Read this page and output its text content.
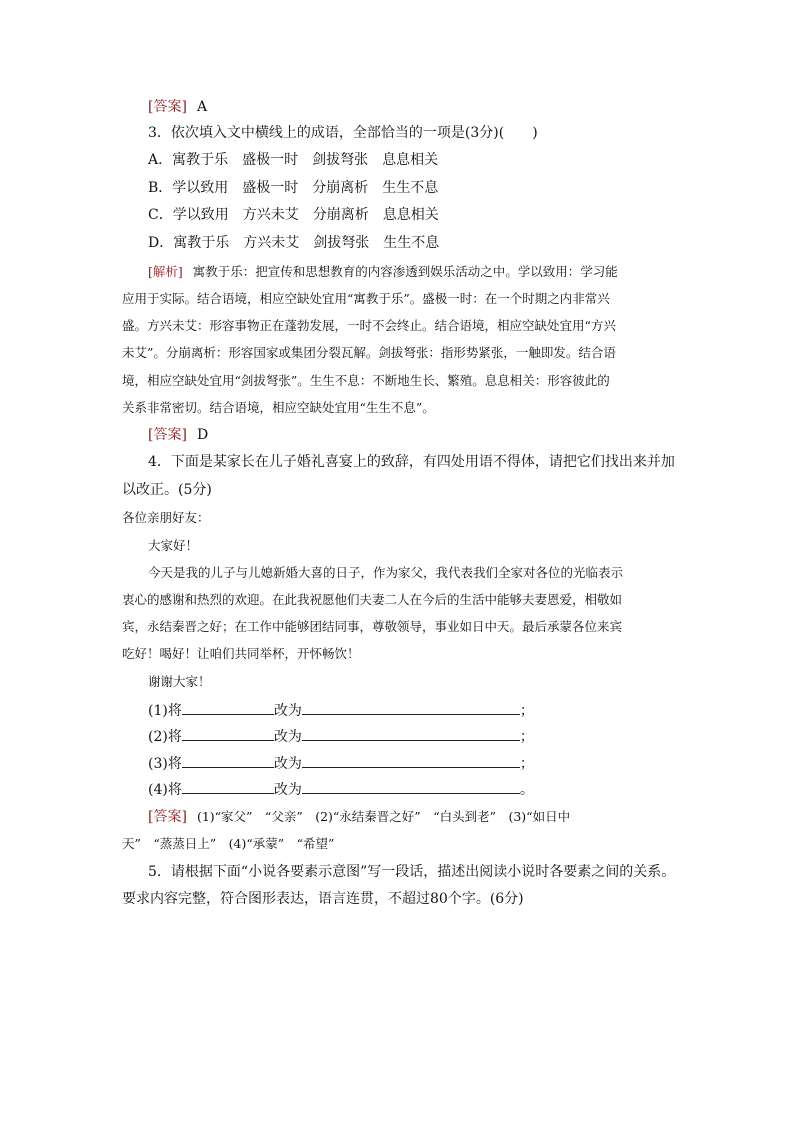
[答案] A
3．依次填入文中横线上的成语，全部恰当的一项是(3分)(　　)
A．寓教于乐　盛极一时　剑拔弩张　息息相关
B．学以致用　盛极一时　分崩离析　生生不息
C．学以致用　方兴未艾　分崩离析　息息相关
D．寓教于乐　方兴未艾　剑拔弩张　生生不息
[解析] 寓教于乐：把宣传和思想教育的内容渗透到娱乐活动之中。学以致用：学习能
应用于实际。结合语境，相应空缺处宜用“寓教于乐”。盛极一时：在一个时期之内非常兴
盛。方兴未艾：形容事物正在蓬勃发展，一时不会终止。结合语境，相应空缺处宜用“方兴
未艾”。分崩离析：形容国家或集团分裂瓦解。剑拔弩张：指形势紧张，一触即发。结合语
境，相应空缺处宜用“剑拔弩张”。生生不息：不断地生长、繁殖。息息相关：形容彼此的
关系非常密切。结合语境，相应空缺处宜用“生生不息”。
[答案] D
4．下面是某家长在儿子婚礼喜宴上的致辞，有四处用语不得体，请把它们找出来并加
以改正。(5分)
各位亲朋好友：
大家好！
今天是我的儿子与儿媳新婚大喜的日子，作为家父，我代表我们全家对各位的光临表示
衷心的感谢和热烈的欢迎。在此我祝愿他们夫妻二人在今后的生活中能够夫妻恩爱，相敬如
宾，永结秦晋之好；在工作中能够团结同事，尊敬领导，事业如日中天。最后承蒙各位来宾
吃好！喝好！让咱们共同举杯，开怀畅饮！
谢谢大家！
(1)将	改为	；
(2)将	改为	；
(3)将	改为	；
(4)将	改为	。
[答案] (1)“家父”　“父亲”　(2)“永结秦晋之好”　“白头到老”　(3)“如日中
天”　“蒸蒸日上”　(4)“承蒙”　“希望”
5．请根据下面“小说各要素示意图”写一段话，描述出阅读小说时各要素之间的关系。
要求内容完整，符合图形表达，语言连贯，不超过80个字。(6分)
